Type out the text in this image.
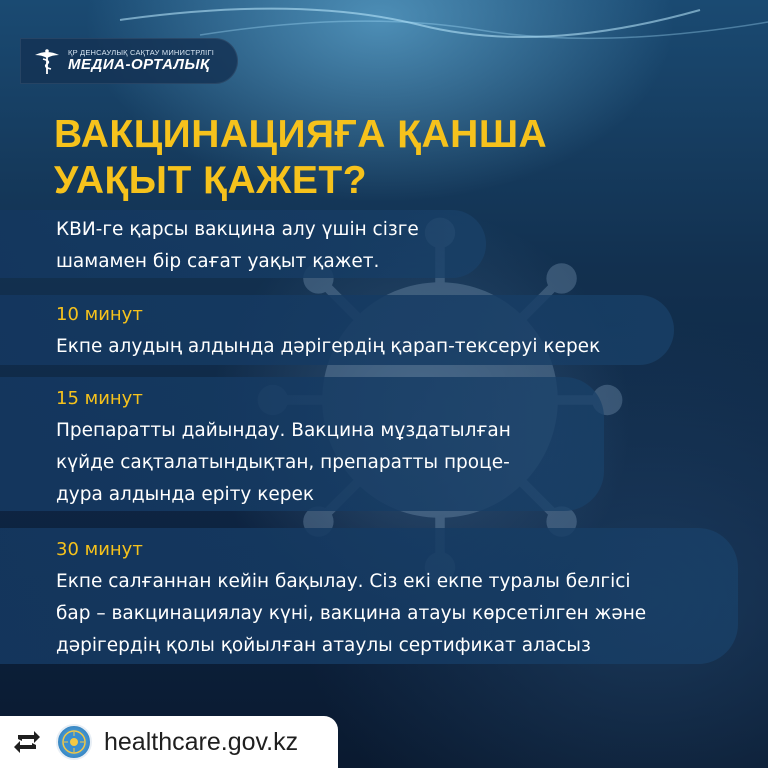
ҚР ДЕНСАУЛЫҚ САҚТАУ МИНИСТРЛІГІ
МЕДИА-ОРТАЛЫҚ
ВАКЦИНАЦИЯҒА ҚАНША
УАҚЫТ ҚАЖЕТ?
КВИ-ге қарсы вакцина алу үшін сізге
шамамен бір сағат уақыт қажет.
10 минут
Екпе алудың алдында дәрігердің қарап-тексеруі керек
15 минут
Препаратты дайындау. Вакцина мұздатылған
күйде сақталатындықтан, препаратты проце-
дура алдында еріту керек
30 минут
Екпе салғаннан кейін бақылау. Сіз екі екпе туралы белгісі
бар – вакцинациялау күні, вакцина атауы көрсетілген және
дәрігердің қолы қойылған атаулы сертификат аласыз
healthcare.gov.kz
